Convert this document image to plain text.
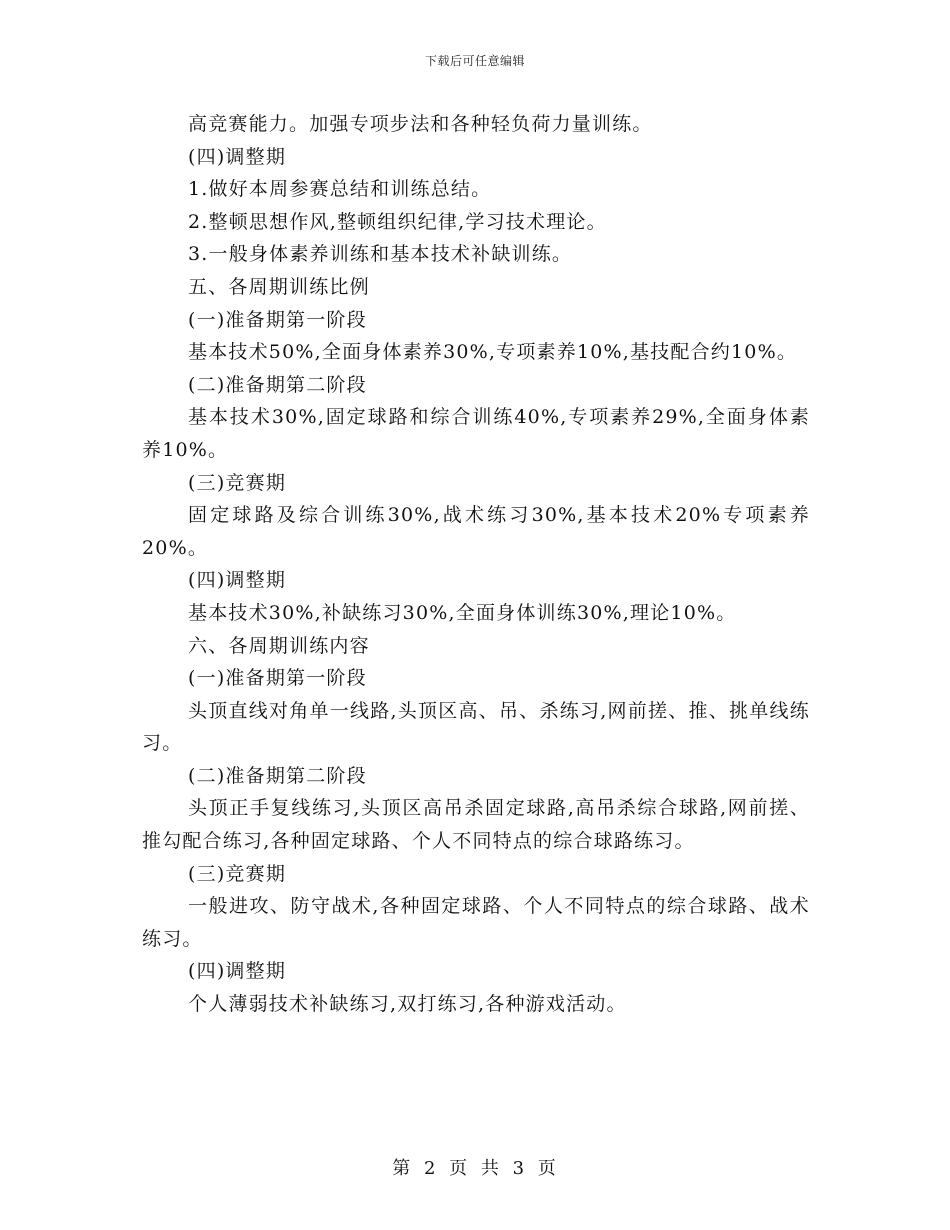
下载后可任意编辑

高竞赛能力。加强专项步法和各种轻负荷力量训练。

(四)调整期

1.做好本周参赛总结和训练总结。

2.整顿思想作风,整顿组织纪律,学习技术理论。

3.一般身体素养训练和基本技术补缺训练。

五、各周期训练比例

(一)准备期第一阶段

基本技术50%,全面身体素养30%,专项素养10%,基技配合约10%。

(二)准备期第二阶段

基本技术30%,固定球路和综合训练40%,专项素养29%,全面身体素养10%。

(三)竞赛期

固定球路及综合训练30%,战术练习30%,基本技术20%专项素养20%。

(四)调整期

基本技术30%,补缺练习30%,全面身体训练30%,理论10%。

六、各周期训练内容

(一)准备期第一阶段

头顶直线对角单一线路,头顶区高、吊、杀练习,网前搓、推、挑单线练习。

(二)准备期第二阶段

头顶正手复线练习,头顶区高吊杀固定球路,高吊杀综合球路,网前搓、推勾配合练习,各种固定球路、个人不同特点的综合球路练习。

(三)竞赛期

一般进攻、防守战术,各种固定球路、个人不同特点的综合球路、战术练习。

(四)调整期

个人薄弱技术补缺练习,双打练习,各种游戏活动。

第 2 页 共 3 页
